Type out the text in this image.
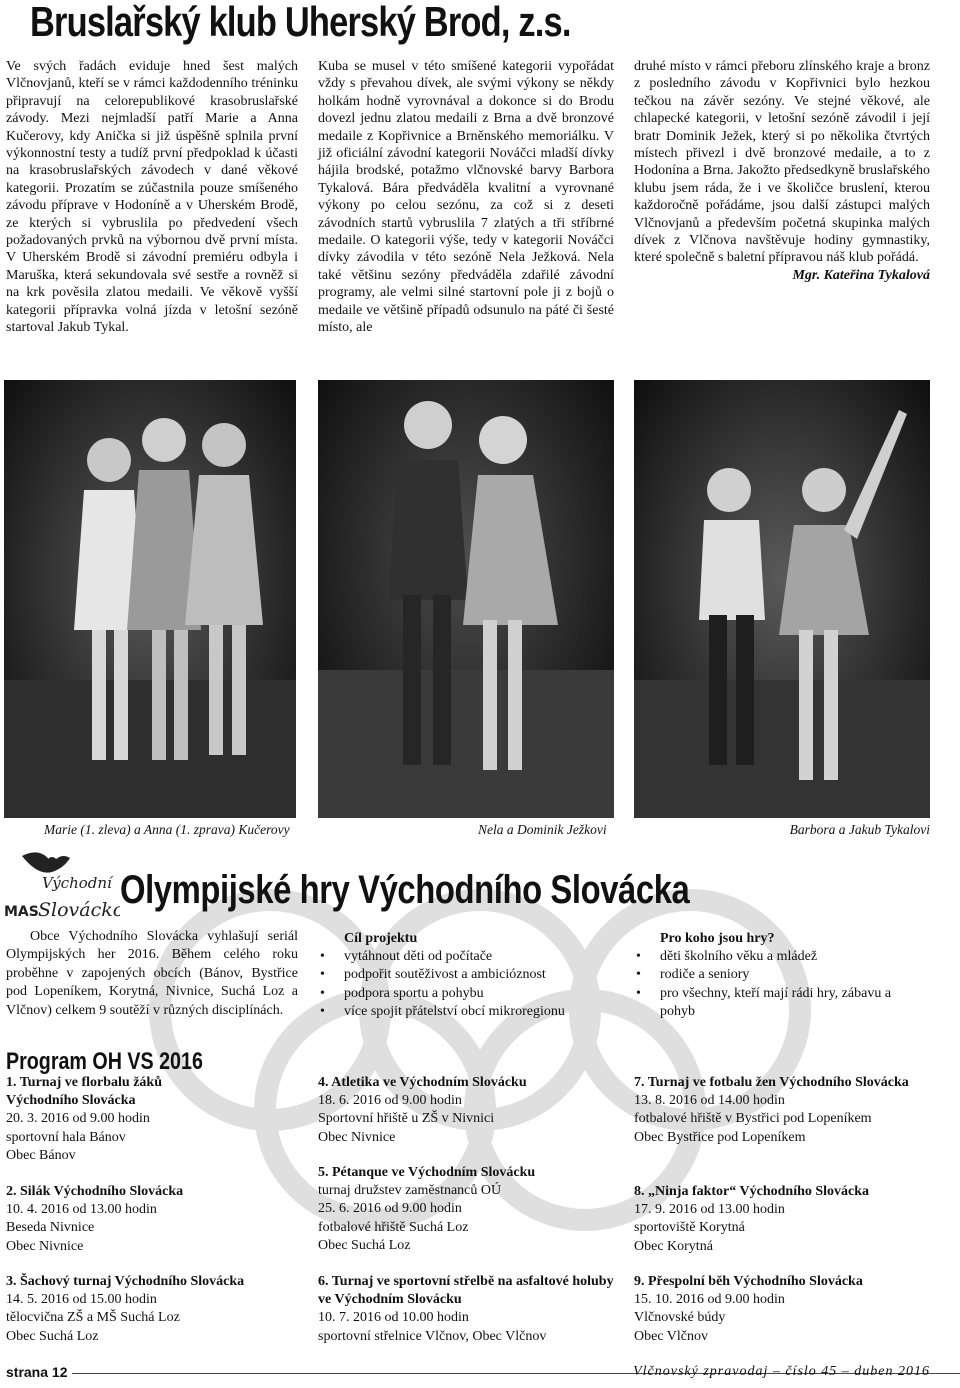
Bruslařský klub Uherský Brod, z.s.

Ve svých řadách eviduje hned šest malých Vlčnovjanů, kteří se v rámci každodenního tréninku připravují na celorepublikové krasobruslařské závody. Mezi nejmladší patří Marie a Anna Kučerovy, kdy Anička si již úspěšně splnila první výkonnostní testy a tudíž první předpoklad k účasti na krasobruslařských závodech v dané věkové kategorii. Prozatím se zúčastnila pouze smíšeného závodu příprave v Hodoníně a v Uherském Brodě, ze kterých si vybruslila po předvedení všech požadovaných prvků na výbornou dvě první místa. V Uherském Brodě si závodní premiéru odbyla i Maruška, která sekundovala své sestře a rovněž si na krk pověsila zlatou medaili. Ve věkově vyšší kategorii přípravka volná jízda v letošní sezóně startoval Jakub Tykal.

Kuba se musel v této smíšené kategorii vypořádat vždy s převahou dívek, ale svými výkony se někdy holkám hodně vyrovnával a dokonce si do Brodu dovezl jednu zlatou medaili z Brna a dvě bronzové medaile z Kopřivnice a Brněnského memoriálku. V již oficiální závodní kategorii Nováčci mladší dívky hájila brodské, potažmo vlčnovské barvy Barbora Tykalová. Bára předváděla kvalitní a vyrovnané výkony po celou sezónu, za což si z deseti závodních startů vybruslila 7 zlatých a tři stříbrné medaile. O kategorii výše, tedy v kategorii Nováčci dívky závodila v této sezóně Nela Ježková. Nela také většinu sezóny předváděla zdařilé závodní programy, ale velmi silné startovní pole ji z bojů o medaile ve většině případů odsunulo na páté či šesté místo, ale

druhé místo v rámci přeboru zlínského kraje a bronz z posledního závodu v Kopřivnici bylo hezkou tečkou na závěr sezóny. Ve stejné věkové, ale chlapecké kategorii, v letošní sezóně závodil i její bratr Dominik Ježek, který si po několika čtvrtých místech přivezl i dvě bronzové medaile, a to z Hodonína a Brna. Jakožto předsedkyně bruslařského klubu jsem ráda, že i ve školičce bruslení, kterou každoročně pořádáme, jsou další zástupci malých Vlčnovjanů a především početná skupinka malých dívek z Vlčnova navštěvuje hodiny gymnastiky, které společně s baletní přípravou náš klub pořádá.

Mgr. Kateřina Tykalová

Marie (1. zleva) a Anna (1. zprava) Kučerovy	Nela a Dominik Ježkovi	Barbora a Jakub Tykalovi
Východní
MAS Slovácko
Olympijské hry Východního Slovácka
Obce Východního Slovácka vyhlašují seriál Olympijských her 2016. Během celého roku proběhne v zapojených obcích (Bánov, Bystřice pod Lopeníkem, Korytná, Nivnice, Suchá Loz a Vlčnov) celkem 9 soutěží v různých disciplínách.
Cíl projektu
• vytáhnout děti od počítače
• podpořit soutěživost a ambicióznost
• podpora sportu a pohybu
• více spojit přátelství obcí mikroregionu
Pro koho jsou hry?
• děti školního věku a mládež
• rodiče a seniory
• pro všechny, kteří mají rádi hry, zábavu a pohyb
Program OH VS 2016
1. Turnaj ve florbalu žáků Východního Slovácka
20. 3. 2016 od 9.00 hodin
sportovní hala Bánov
Obec Bánov
2. Silák Východního Slovácka
10. 4. 2016 od 13.00 hodin
Beseda Nivnice
Obec Nivnice
3. Šachový turnaj Východního Slovácka
14. 5. 2016 od 15.00 hodin
tělocvična ZŠ a MŠ Suchá Loz
Obec Suchá Loz
4. Atletika ve Východním Slovácku
18. 6. 2016 od 9.00 hodin
Sportovní hřiště u ZŠ v Nivnici
Obec Nivnice
5. Pétanque ve Východním Slovácku
turnaj družstev zaměstnanců OÚ
25. 6. 2016 od 9.00 hodin
fotbalové hřiště Suchá Loz
Obec Suchá Loz
6. Turnaj ve sportovní střelbě na asfaltové holuby ve Východním Slovácku
10. 7. 2016 od 10.00 hodin
sportovní střelnice Vlčnov, Obec Vlčnov
7. Turnaj ve fotbalu žen Východního Slovácka
13. 8. 2016 od 14.00 hodin
fotbalové hřiště v Bystřici pod Lopeníkem
Obec Bystřice pod Lopeníkem
8. „Ninja faktor“ Východního Slovácka
17. 9. 2016 od 13.00 hodin
sportoviště Korytná
Obec Korytná
9. Přespolní běh Východního Slovácka
15. 10. 2016 od 9.00 hodin
Vlčnovské búdy
Obec Vlčnov
strana 12	Vlčnovský zpravodaj – číslo 45 – duben 2016
